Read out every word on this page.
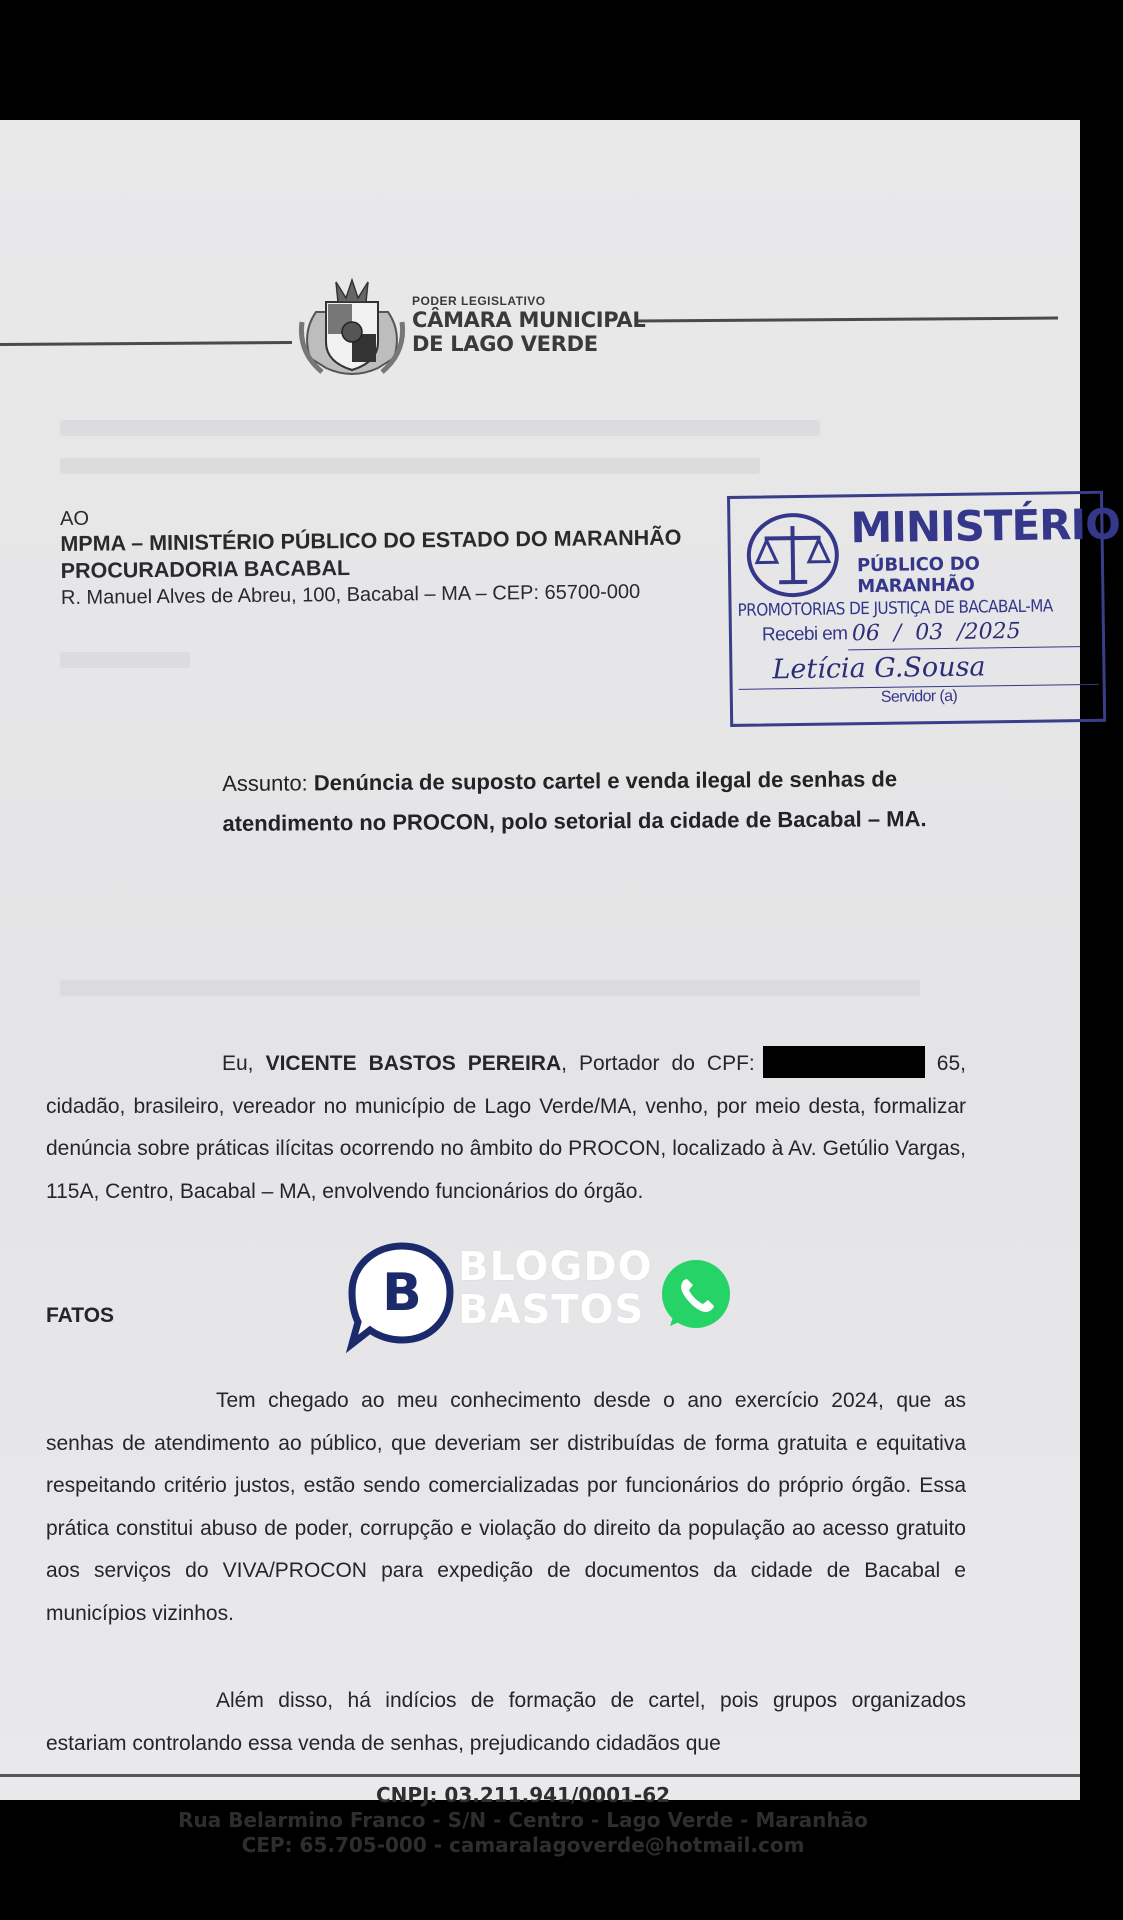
PODER LEGISLATIVO
CÂMARA MUNICIPAL
DE LAGO VERDE
AO
MPMA – MINISTÉRIO PÚBLICO DO ESTADO DO MARANHÃO
PROCURADORIA BACABAL
R. Manuel Alves de Abreu, 100, Bacabal – MA – CEP: 65700-000
MINISTÉRIO
PÚBLICO DO MARANHÃO
PROMOTORIAS DE JUSTIÇA DE BACABAL-MA
Recebi em 06  /  03  /2025
Letícia G.Sousa
Servidor (a)
Assunto: Denúncia de suposto cartel e venda ilegal de senhas de atendimento no PROCON, polo setorial da cidade de Bacabal – MA.
Eu, VICENTE BASTOS PEREIRA, Portador do CPF:	65, cidadão, brasileiro, vereador no município de Lago Verde/MA, venho, por meio desta, formalizar denúncia sobre práticas ilícitas ocorrendo no âmbito do PROCON, localizado à Av. Getúlio Vargas, 115A, Centro, Bacabal – MA, envolvendo funcionários do órgão.
FATOS	B BLOGDO
BASTOS
Tem chegado ao meu conhecimento desde o ano exercício 2024, que as senhas de atendimento ao público, que deveriam ser distribuídas de forma gratuita e equitativa respeitando critério justos, estão sendo comercializadas por funcionários do próprio órgão. Essa prática constitui abuso de poder, corrupção e violação do direito da população ao acesso gratuito aos serviços do VIVA/PROCON para expedição de documentos da cidade de Bacabal e municípios vizinhos.
Além disso, há indícios de formação de cartel, pois grupos organizados estariam controlando essa venda de senhas, prejudicando cidadãos que
CNPJ: 03.211.941/0001-62
Rua Belarmino Franco - S/N - Centro - Lago Verde - Maranhão
CEP: 65.705-000 - camaralagoverde@hotmail.com
